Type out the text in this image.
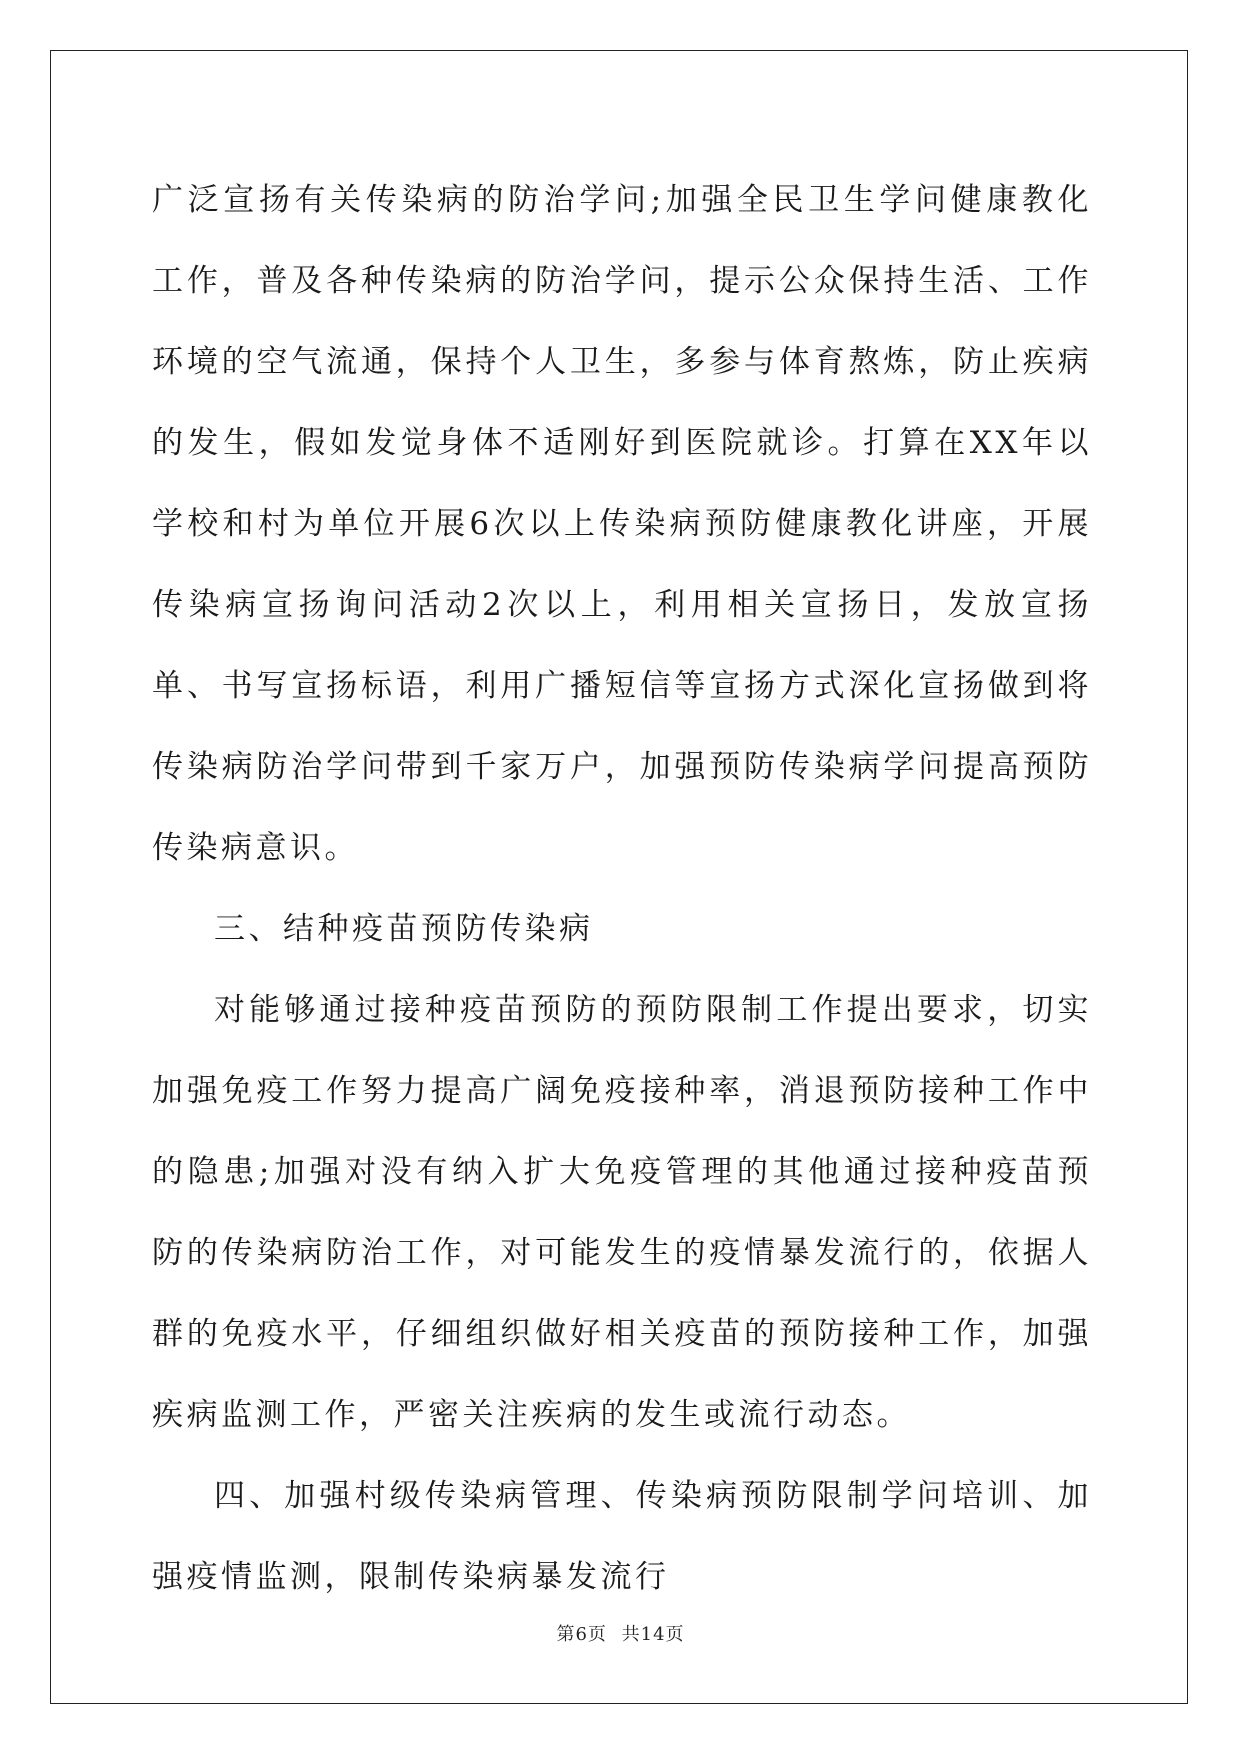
广泛宣扬有关传染病的防治学问;加强全民卫生学问健康教化工作，普及各种传染病的防治学问，提示公众保持生活、工作环境的空气流通，保持个人卫生，多参与体育熬炼，防止疾病的发生，假如发觉身体不适刚好到医院就诊。打算在XX年以学校和村为单位开展6次以上传染病预防健康教化讲座，开展传染病宣扬询问活动2次以上，利用相关宣扬日，发放宣扬单、书写宣扬标语，利用广播短信等宣扬方式深化宣扬做到将传染病防治学问带到千家万户，加强预防传染病学问提高预防传染病意识。

三、结种疫苗预防传染病

对能够通过接种疫苗预防的预防限制工作提出要求，切实加强免疫工作努力提高广阔免疫接种率，消退预防接种工作中的隐患;加强对没有纳入扩大免疫管理的其他通过接种疫苗预防的传染病防治工作，对可能发生的疫情暴发流行的，依据人群的免疫水平，仔细组织做好相关疫苗的预防接种工作，加强疾病监测工作，严密关注疾病的发生或流行动态。

四、加强村级传染病管理、传染病预防限制学问培训、加强疫情监测，限制传染病暴发流行

第6页 共14页
